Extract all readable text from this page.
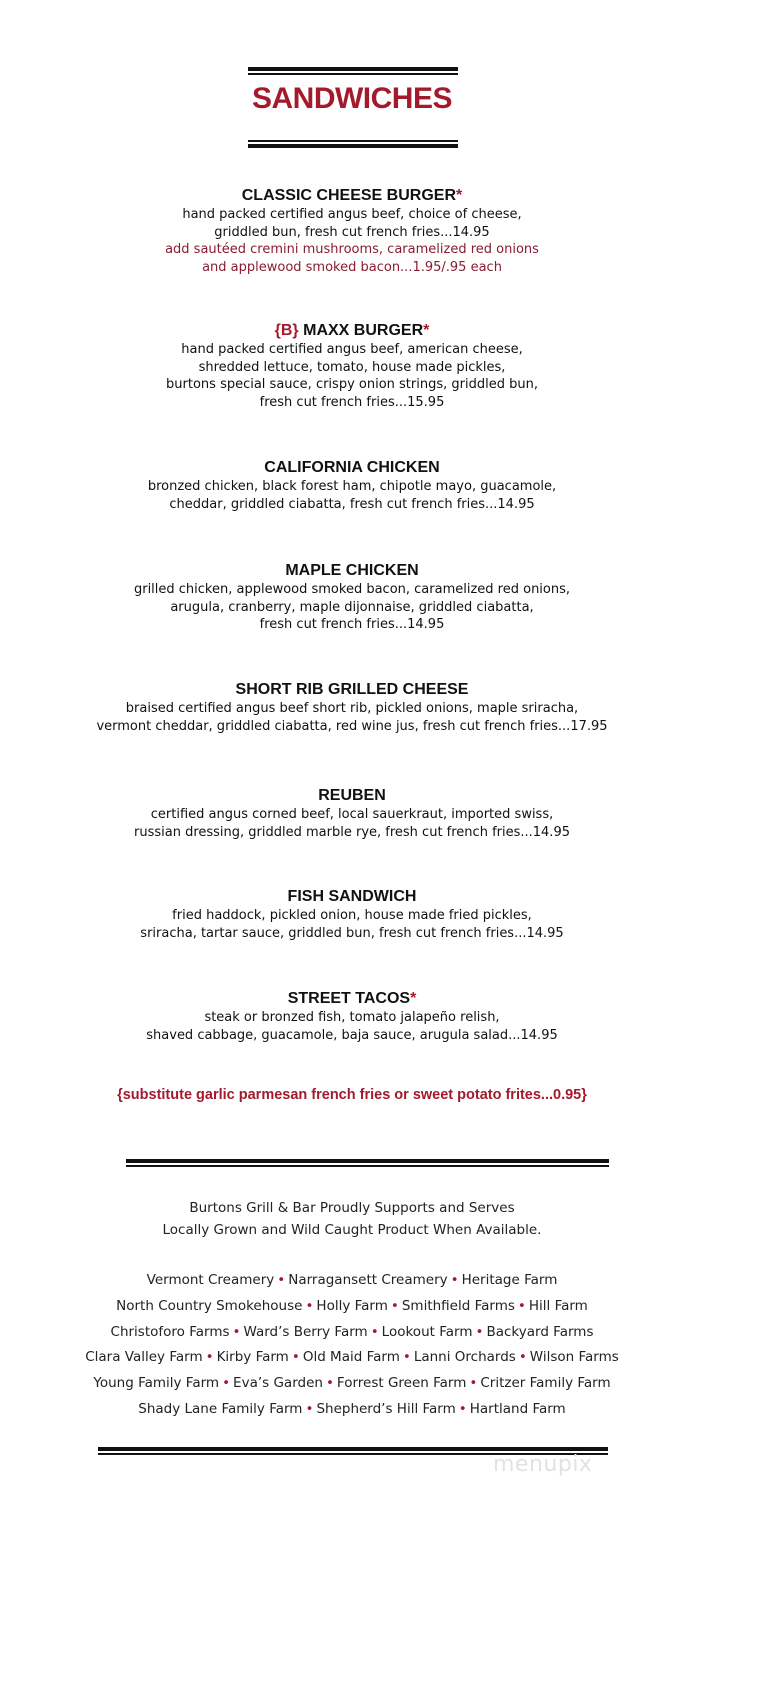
SANDWICHES
CLASSIC CHEESE BURGER*
hand packed certified angus beef, choice of cheese,
griddled bun, fresh cut french fries...14.95
add sautéed cremini mushrooms, caramelized red onions
and applewood smoked bacon...1.95/.95 each
{B} MAXX BURGER*
hand packed certified angus beef, american cheese,
shredded lettuce, tomato, house made pickles,
burtons special sauce, crispy onion strings, griddled bun,
fresh cut french fries...15.95
CALIFORNIA CHICKEN
bronzed chicken, black forest ham, chipotle mayo, guacamole,
cheddar, griddled ciabatta, fresh cut french fries...14.95
MAPLE CHICKEN
grilled chicken, applewood smoked bacon, caramelized red onions,
arugula, cranberry, maple dijonnaise, griddled ciabatta,
fresh cut french fries...14.95
SHORT RIB GRILLED CHEESE
braised certified angus beef short rib, pickled onions, maple sriracha,
vermont cheddar, griddled ciabatta, red wine jus, fresh cut french fries...17.95
REUBEN
certified angus corned beef, local sauerkraut, imported swiss,
russian dressing, griddled marble rye, fresh cut french fries...14.95
FISH SANDWICH
fried haddock, pickled onion, house made fried pickles,
sriracha, tartar sauce, griddled bun, fresh cut french fries...14.95
STREET TACOS*
steak or bronzed fish, tomato jalapeño relish,
shaved cabbage, guacamole, baja sauce, arugula salad...14.95
{substitute garlic parmesan french fries or sweet potato frites...0.95}
Burtons Grill & Bar Proudly Supports and Serves
Locally Grown and Wild Caught Product When Available.
Vermont Creamery • Narragansett Creamery • Heritage Farm
North Country Smokehouse • Holly Farm • Smithfield Farms • Hill Farm
Christoforo Farms • Ward’s Berry Farm • Lookout Farm • Backyard Farms
Clara Valley Farm • Kirby Farm • Old Maid Farm • Lanni Orchards • Wilson Farms
Young Family Farm • Eva’s Garden • Forrest Green Farm • Critzer Family Farm
Shady Lane Family Farm • Shepherd’s Hill Farm • Hartland Farm
menupix
